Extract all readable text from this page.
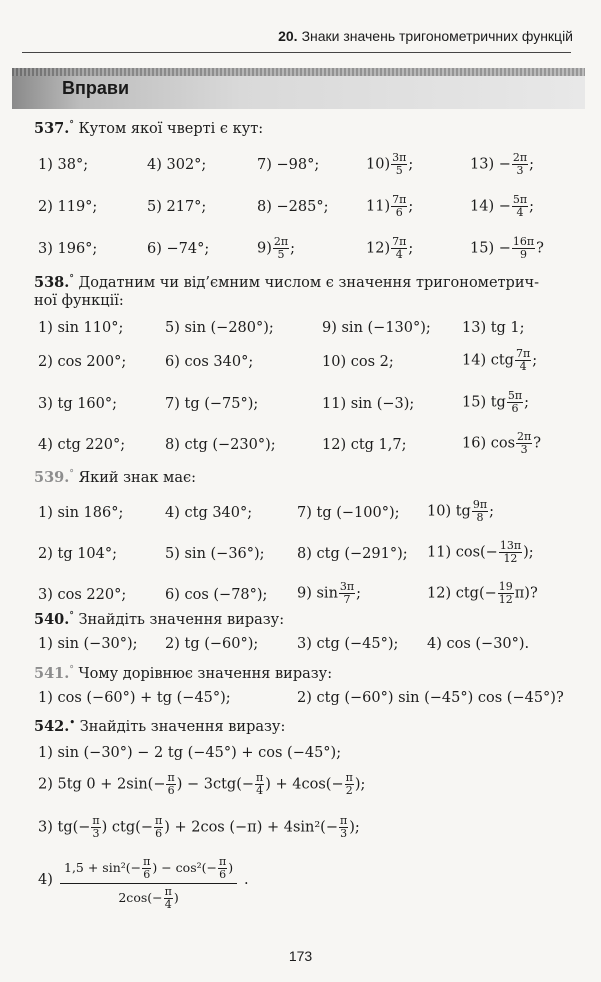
20. Знаки значень тригонометричних функцій
Вправи
537.° Кутом якої чверті є кут:
1) 38°;	4) 302°;	7) −98°;	$10) \frac{3\pi}{5}$ ;	$13) - \frac{2\pi}{3}$ ;
2) 119°;	5) 217°;	8) −285°;	$11) \frac{7\pi}{6}$ ;	$14) - \frac{5\pi}{4}$ ;
3) 196°;	6) −74°;	$9) \frac{2\pi}{5}$ ;	$12) \frac{7\pi}{4}$ ;	$15) - \frac{16\pi}{9}$ ?
538.° Додатним чи від’ємним числом є значення тригонометрич-
ної функції:
1) sin 110°;	5) sin (−280°);	9) sin (−130°); 13) tg 1;
2) cos 200°;	6) cos 340°;	10) cos 2;	14) ctg $\frac{7\pi}{4}$ ;
3) tg 160°;	7) tg (−75°);	11) sin (−3);	15) tg $\frac{5\pi}{6}$ ;
4) ctg 220°;	8) ctg (−230°);	12) ctg 1,7;	16) $\cos \frac{2\pi}{3}$ ?
539.° Який знак має:
1) sin 186°;	4) ctg 340°;	7) tg (−100°); 10) tg $\frac{9\pi}{8}$ ;
2) tg 104°;	5) sin (−36°); 8) ctg (−291°); 11) $\cos(- \frac{13\pi}{12}$ );
3) cos 220°;	6) cos (−78°); 9) $\sin \frac{3\pi}{7}$ ;	12) $ctg(- \frac{19}{12} \pi)$?
540.° Знайдіть значення виразу:
1) sin (−30°); 2) tg (−60°);	3) ctg (−45°); 4) cos (−30°).
541.° Чому дорівнює значення виразу:
1) cos (−60°) + tg (−45°);	2) ctg (−60°) sin (−45°) cos (−45°)?
542.• Знайдіть значення виразу:
1) sin (−30°) − 2 tg (−45°) + cos (−45°);
2) 5tg $0 + 2\sin(- \frac{\pi}{6}$ ) − $3ctg(- \frac{\pi}{4}$ ) + $4\cos(- \frac{\pi}{2}$ );
3) $tg(- \frac{\pi}{3}$ ) $ctg(- \frac{\pi}{6}$ ) + 2cos $(-\pi) + 4\sin^2(- \frac{\pi}{3}$ );
$4) \frac{1,5 + \sin^2(- \frac{\pi}{6} ) - \cos^2(- \frac{\pi}{6} )}{2\cos(- \frac{\pi}{4} )}$ .
173
